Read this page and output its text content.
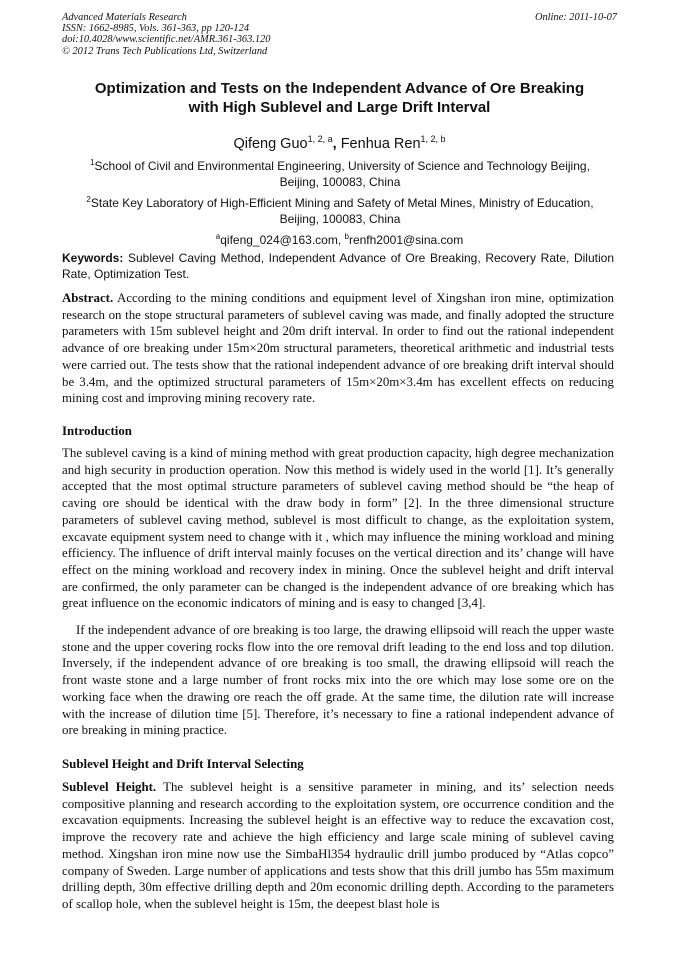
Advanced Materials Research
ISSN: 1662-8985, Vols. 361-363, pp 120-124
doi:10.4028/www.scientific.net/AMR.361-363.120
© 2012 Trans Tech Publications Ltd, Switzerland
Online: 2011-10-07
Optimization and Tests on the Independent Advance of Ore Breaking
with High Sublevel and Large Drift Interval
Qifeng Guo$^{1, 2, a}$, Fenhua Ren$^{1, 2, b}$
$^1$School of Civil and Environmental Engineering, University of Science and Technology Beijing, Beijing, 100083, China
$^2$State Key Laboratory of High-Efficient Mining and Safety of Metal Mines, Ministry of Education, Beijing, 100083, China
$^a$qifeng_024@163.com, $^b$renfh2001@sina.com
Keywords: Sublevel Caving Method, Independent Advance of Ore Breaking, Recovery Rate, Dilution Rate, Optimization Test.
Abstract. According to the mining conditions and equipment level of Xingshan iron mine, optimization research on the stope structural parameters of sublevel caving was made, and finally adopted the structure parameters with 15m sublevel height and 20m drift interval. In order to find out the rational independent advance of ore breaking under 15m×20m structural parameters, theoretical arithmetic and industrial tests were carried out. The tests show that the rational independent advance of ore breaking drift interval should be 3.4m, and the optimized structural parameters of 15m×20m×3.4m has excellent effects on reducing mining cost and improving mining recovery rate.
Introduction
The sublevel caving is a kind of mining method with great production capacity, high degree mechanization and high security in production operation. Now this method is widely used in the world [1]. It’s generally accepted that the most optimal structure parameters of sublevel caving method should be “the heap of caving ore should be identical with the draw body in form” [2]. In the three dimensional structure parameters of sublevel caving method, sublevel is most difficult to change, as the exploitation system, excavate equipment system need to change with it , which may influence the mining workload and mining efficiency. The influence of drift interval mainly focuses on the vertical direction and its’ change will have effect on the mining workload and recovery index in mining. Once the sublevel height and drift interval are confirmed, the only parameter can be changed is the independent advance of ore breaking which has great influence on the economic indicators of mining and is easy to changed [3,4].
If the independent advance of ore breaking is too large, the drawing ellipsoid will reach the upper waste stone and the upper covering rocks flow into the ore removal drift leading to the end loss and top dilution. Inversely, if the independent advance of ore breaking is too small, the drawing ellipsoid will reach the front waste stone and a large number of front rocks mix into the ore which may lose some ore on the working face when the drawing ore reach the off grade. At the same time, the dilution rate will increase with the increase of dilution time [5]. Therefore, it’s necessary to fine a rational independent advance of ore breaking in mining practice.
Sublevel Height and Drift Interval Selecting
Sublevel Height. The sublevel height is a sensitive parameter in mining, and its’ selection needs compositive planning and research according to the exploitation system, ore occurrence condition and the excavation equipments. Increasing the sublevel height is an effective way to reduce the excavation cost, improve the recovery rate and achieve the high efficiency and large scale mining of sublevel caving method. Xingshan iron mine now use the SimbaHl354 hydraulic drill jumbo produced by “Atlas copco” company of Sweden. Large number of applications and tests show that this drill jumbo has 55m maximum drilling depth, 30m effective drilling depth and 20m economic drilling depth. According to the parameters of scallop hole, when the sublevel height is 15m, the deepest blast hole is
